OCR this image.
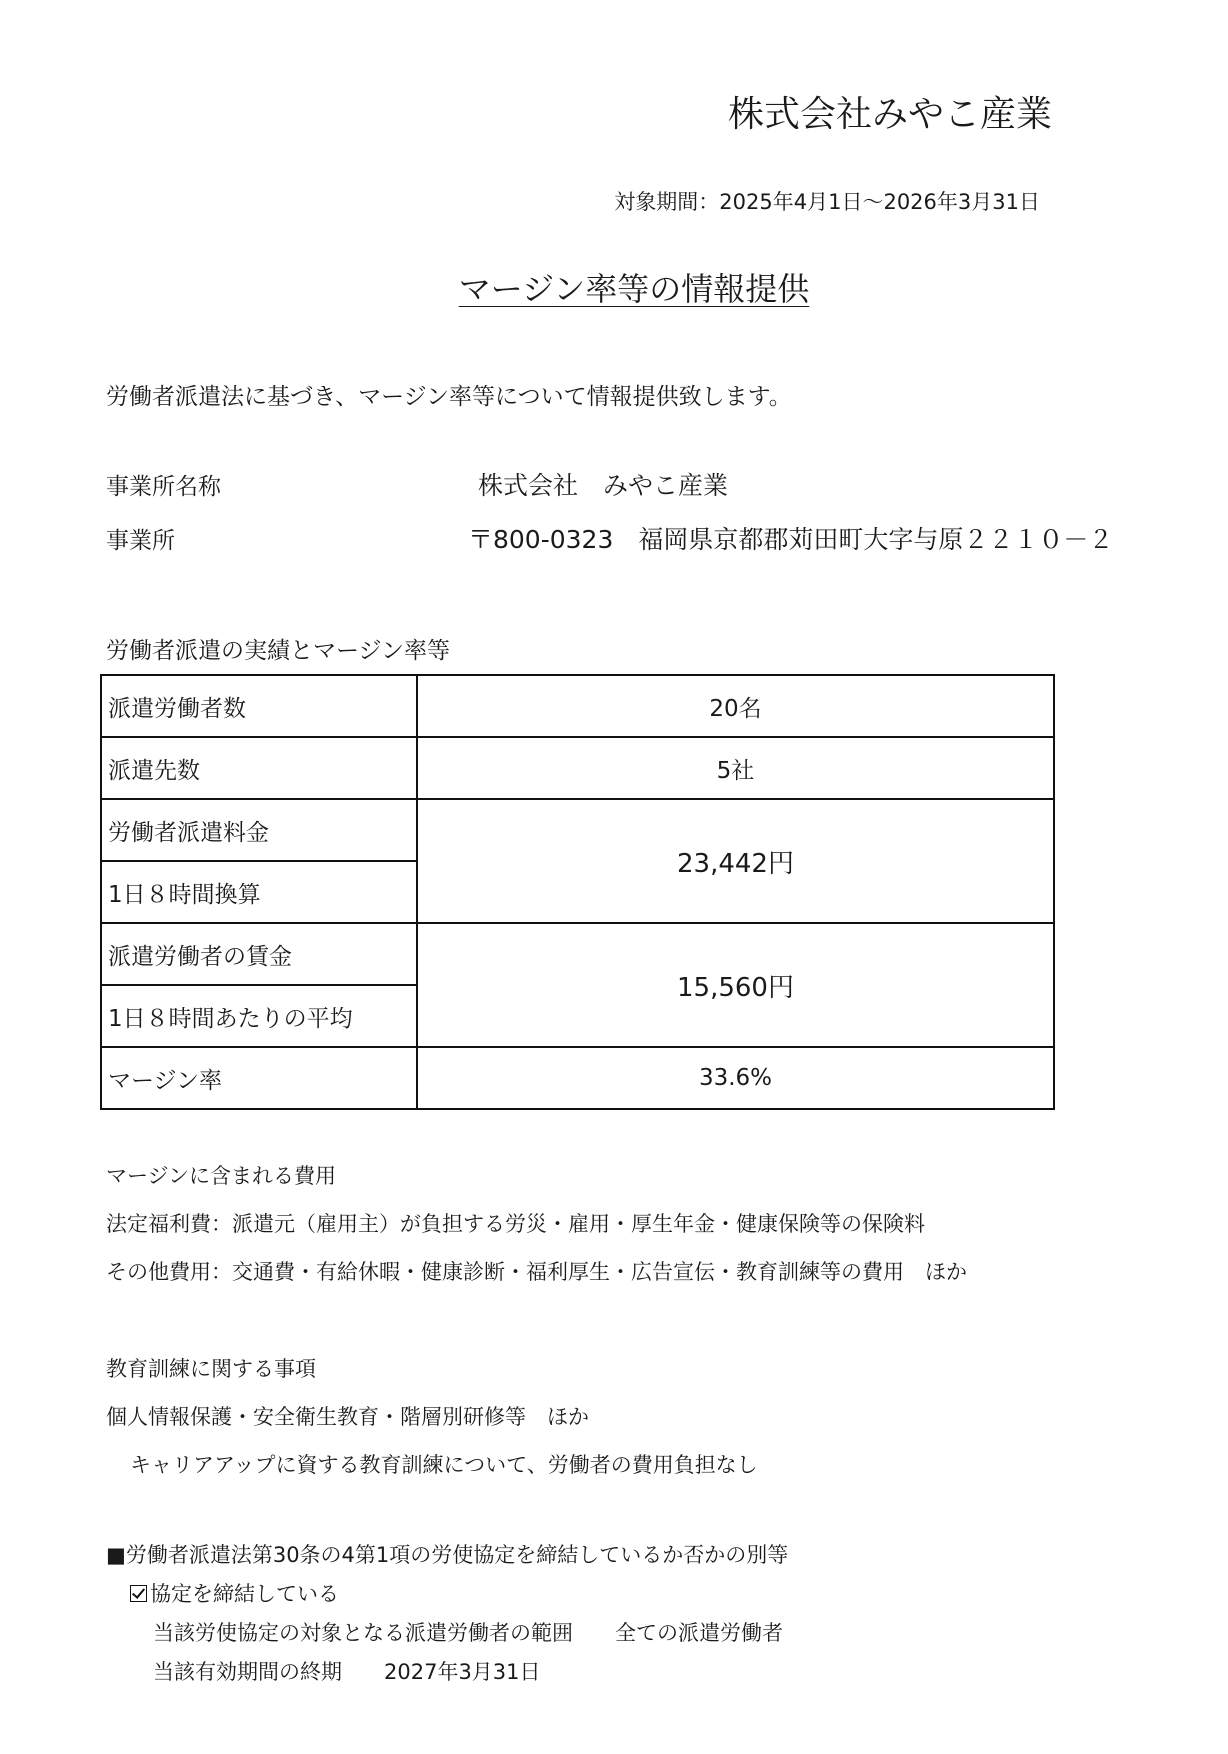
株式会社みやこ産業
対象期間：2025年4月1日～2026年3月31日
マージン率等の情報提供
労働者派遣法に基づき、マージン率等について情報提供致します。
事業所名称	株式会社　みやこ産業
事業所	〒800-0323　福岡県京都郡苅田町大字与原２２１０－２
労働者派遣の実績とマージン率等
派遣労働者数	20名
派遣先数	5社
労働者派遣料金	23,442円
1日８時間換算	
派遣労働者の賃金	15,560円
1日８時間あたりの平均	
マージン率	33.6%
マージンに含まれる費用
法定福利費：派遣元（雇用主）が負担する労災・雇用・厚生年金・健康保険等の保険料
その他費用：交通費・有給休暇・健康診断・福利厚生・広告宣伝・教育訓練等の費用　ほか
教育訓練に関する事項
個人情報保護・安全衛生教育・階層別研修等　ほか
キャリアアップに資する教育訓練について、労働者の費用負担なし
■労働者派遣法第30条の4第1項の労使協定を締結しているか否かの別等
協定を締結している
当該労使協定の対象となる派遣労働者の範囲　　全ての派遣労働者
当該有効期間の終期　　2027年3月31日
